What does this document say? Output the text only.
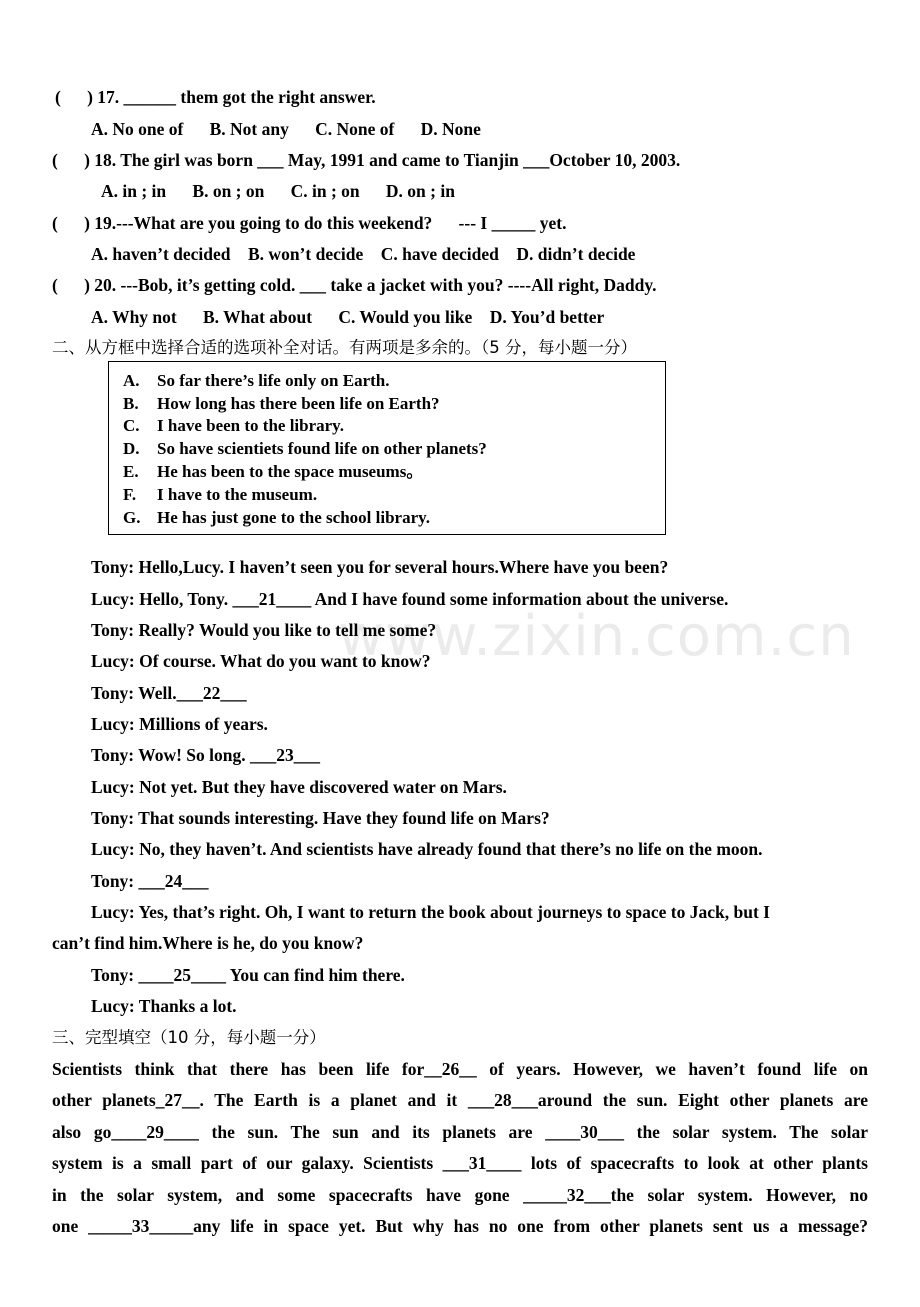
www.zixin.com.cn
(      ) 17. ______ them got the right answer.
A. No one of      B. Not any      C. None of      D. None
(      ) 18. The girl was born ___ May, 1991 and came to Tianjin ___October 10, 2003.
A. in ; in      B. on ; on      C. in ; on      D. on ; in
(      ) 19.---What are you going to do this weekend?      --- I _____ yet.
A. haven’t decided    B. won’t decide    C. have decided    D. didn’t decide
(      ) 20. ---Bob, it’s getting cold. ___ take a jacket with you? ----All right, Daddy.
A. Why not      B. What about      C. Would you like    D. You’d better
二、从方框中选择合适的选项补全对话。有两项是多余的。（5 分，每小题一分）
A. So far there’s life only on Earth.
B. How long has there been life on Earth?
C. I have been to the library.
D. So have scientiets found life on other planets?
E. He has been to the space museums。
F. I have to the museum.
G. He has just gone to the school library.
Tony: Hello,Lucy. I haven’t seen you for several hours.Where have you been?
Lucy: Hello, Tony. ___21____ And I have found some information about the universe.
Tony: Really? Would you like to tell me some?
Lucy: Of course. What do you want to know?
Tony: Well.___22___
Lucy: Millions of years.
Tony: Wow! So long. ___23___
Lucy: Not yet. But they have discovered water on Mars.
Tony: That sounds interesting. Have they found life on Mars?
Lucy: No, they haven’t. And scientists have already found that there’s no life on the moon.
Tony: ___24___
Lucy: Yes, that’s right. Oh, I want to return the book about journeys to space to Jack, but I
can’t find him.Where is he, do you know?
Tony: ____25____ You can find him there.
Lucy: Thanks a lot.
三、完型填空（10 分，每小题一分）
Scientists think that there has been life for__26__ of years. However, we haven’t found life on
other planets_27__. The Earth is a planet and it ___28___around the sun. Eight other planets are
also go____29____ the sun. The sun and its planets are ____30___ the solar system. The solar
system is a small part of our galaxy. Scientists ___31____ lots of spacecrafts to look at other plants
in the solar system, and some spacecrafts have gone _____32___the solar system. However, no
one _____33_____any life in space yet. But why has no one from other planets sent us a message?
